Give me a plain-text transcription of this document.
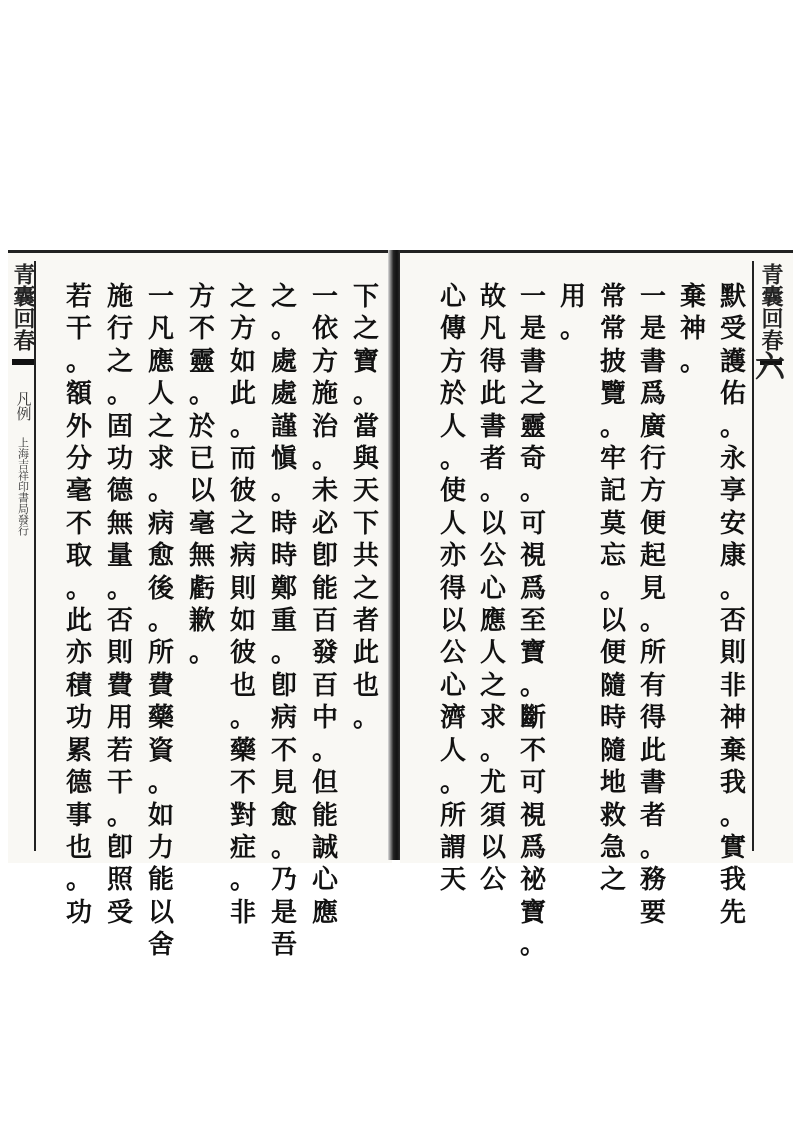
青囊回春
凡例
上海吉祥印書局發行
下
之
寶
。
當
與
天
下
共
之
者
此
也
。
一
依
方
施
治
。
未
必
卽
能
百
發
百
中
。
但
能
誠
心
應
之
。
處
處
謹
愼
。
時
時
鄭
重
。
卽
病
不
見
愈
。
乃
是
吾
之
方
如
此
。
而
彼
之
病
則
如
彼
也
。
藥
不
對
症
。
非
方
不
靈
。
於
已
以
毫
無
虧
歉
。
一
凡
應
人
之
求
。
病
愈
後
。
所
費
藥
資
。
如
力
能
以
舍
施
行
之
。
固
功
德
無
量
。
否
則
費
用
若
干
。
卽
照
受
若
干
。
額
外
分
毫
不
取
。
此
亦
積
功
累
德
事
也
。
功
默
受
護
佑
。
永
享
安
康
。
否
則
非
神
棄
我
。
實
我
先
棄
神
。
一
是
書
爲
廣
行
方
便
起
見
。
所
有
得
此
書
者
。
務
要
常
常
披
覽
。
牢
記
莫
忘
。
以
便
隨
時
隨
地
救
急
之
用
。
一
是
書
之
靈
奇
。
可
視
爲
至
寶
。
斷
不
可
視
爲
祕
寶
。
故
凡
得
此
書
者
。
以
公
心
應
人
之
求
。
尤
須
以
公
心
傳
方
於
人
。
使
人
亦
得
以
公
心
濟
人
。
所
謂
天
青囊回春
六
